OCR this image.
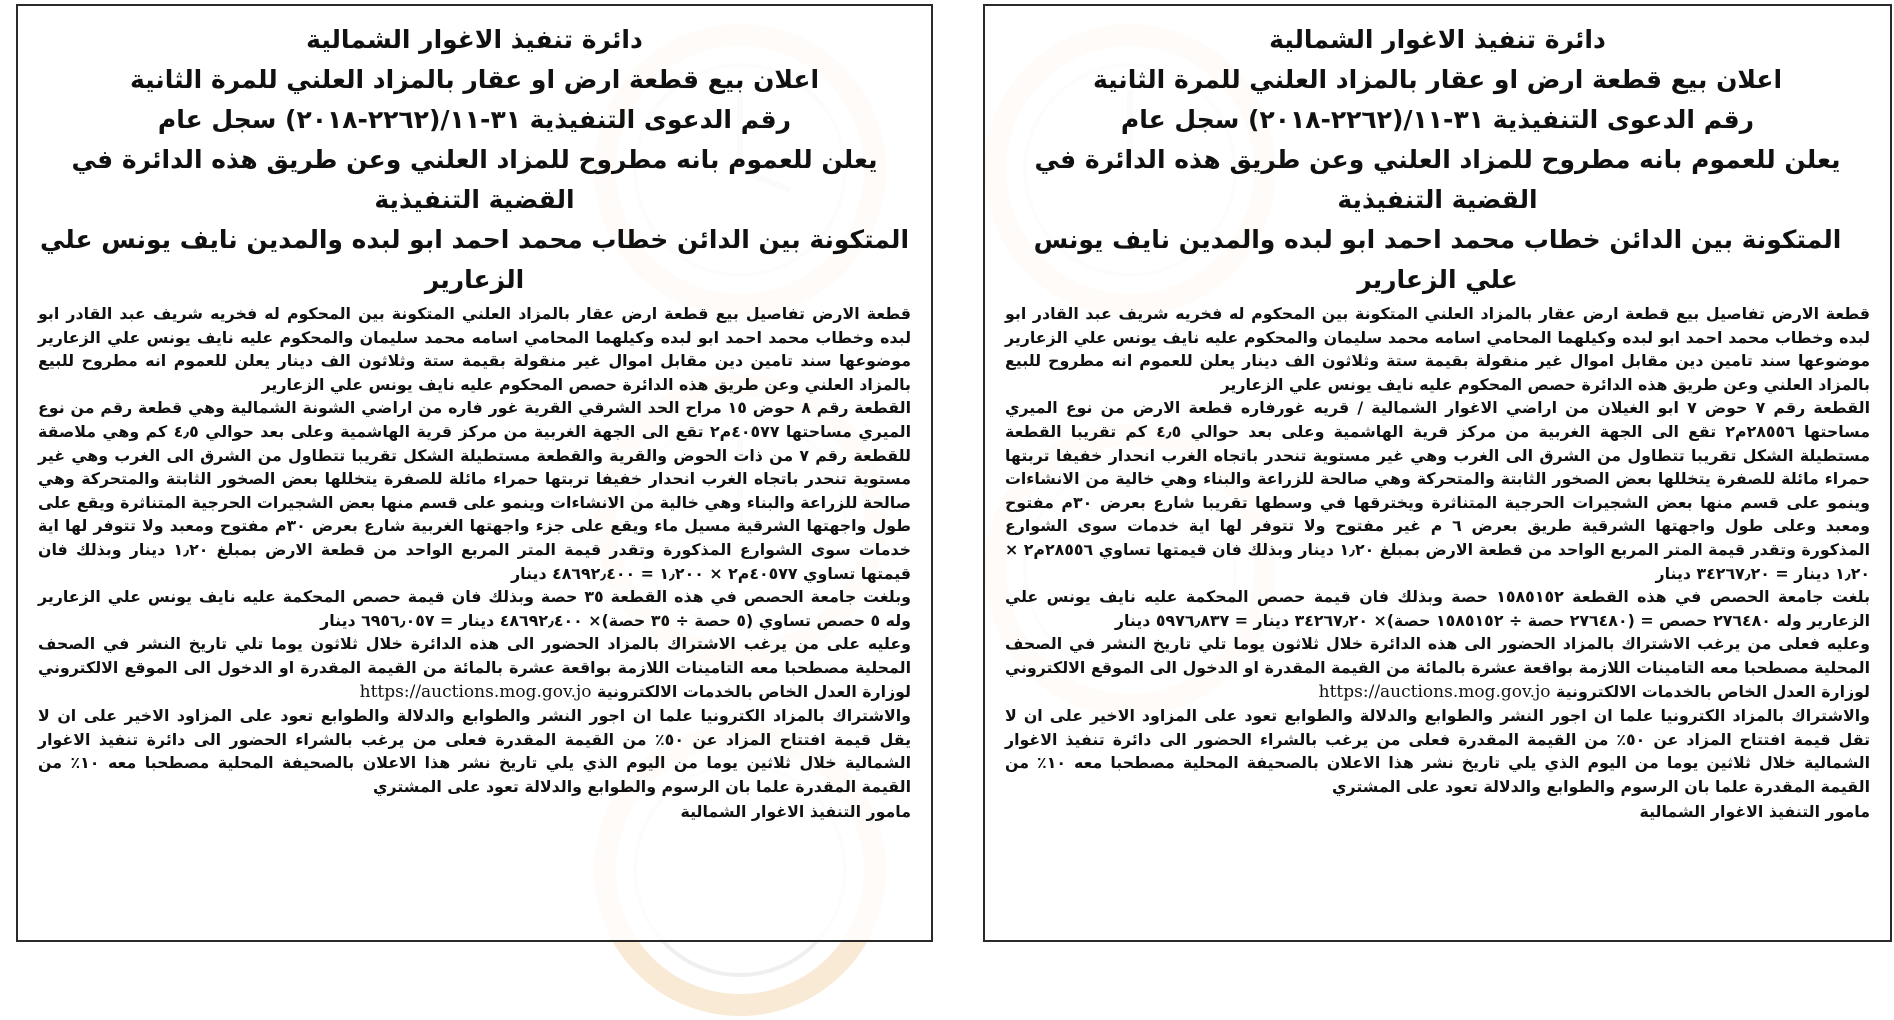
دائرة تنفيذ الاغوار الشمالية
اعلان بيع قطعة ارض او عقار بالمزاد العلني للمرة الثانية
رقم الدعوى التنفيذية ٣١-١١/(٢٢٦٢-٢٠١٨) سجل عام
يعلن للعموم بانه مطروح للمزاد العلني وعن طريق هذه الدائرة في القضية التنفيذية
المتكونة بين الدائن خطاب محمد احمد ابو لبده والمدين نايف يونس علي الزعارير

قطعة الارض تفاصيل بيع قطعة ارض عقار بالمزاد العلني المتكونة بين المحكوم له فخريه شريف عبد القادر ابو لبده وخطاب محمد احمد ابو لبده وكيلهما المحامي اسامه محمد سليمان والمحكوم عليه نايف يونس علي الزعارير موضوعها سند تامين دين مقابل اموال غير منقولة بقيمة ستة وثلاثون الف دينار يعلن للعموم انه مطروح للبيع بالمزاد العلني وعن طريق هذه الدائرة حصص المحكوم عليه نايف يونس علي الزعارير

القطعة رقم ٨ حوض ١٥ مراح الحد الشرقي القرية غور فاره من اراضي الشونة الشمالية وهي قطعة رقم من نوع الميري مساحتها ٤٠٥٧٧م٢ تقع الى الجهة الغربية من مركز قرية الهاشمية وعلى بعد حوالي ٤٫٥ كم وهي ملاصقة للقطعة رقم ٧ من ذات الحوض والقرية والقطعة مستطيلة الشكل تقريبا تتطاول من الشرق الى الغرب وهي غير مستوية تنحدر باتجاه الغرب انحدار خفيفا تربتها حمراء مائلة للصفرة يتخللها بعض الصخور الثابتة والمتحركة وهي صالحة للزراعة والبناء وهي خالية من الانشاءات وينمو على قسم منها بعض الشجيرات الحرجية المتناثرة ويقع على طول واجهتها الشرقية مسيل ماء ويقع على جزء واجهتها الغربية شارع بعرض ٣٠م مفتوح ومعبد ولا تتوفر لها اية خدمات سوى الشوارع المذكورة وتقدر قيمة المتر المربع الواحد من قطعة الارض بمبلغ ١٫٢٠ دينار وبذلك فان قيمتها تساوي ٤٠٥٧٧م٢ × ١٫٢٠٠ = ٤٨٦٩٢٫٤٠٠ دينار

وبلغت جامعة الحصص في هذه القطعة ٣٥ حصة وبذلك فان قيمة حصص المحكمة عليه نايف يونس علي الزعارير وله ٥ حصص تساوي (٥ حصة ÷ ٣٥ حصة)× ٤٨٦٩٢٫٤٠٠ دينار = ٦٩٥٦٫٠٥٧ دينار

وعليه على من يرغب الاشتراك بالمزاد الحضور الى هذه الدائرة خلال ثلاثون يوما تلي تاريخ النشر في الصحف المحلية مصطحبا معه التامينات اللازمة بواقعة عشرة بالمائة من القيمة المقدرة او الدخول الى الموقع الالكتروني لوزارة العدل الخاص بالخدمات الالكترونية https://auctions.mog.gov.jo

والاشتراك بالمزاد الكترونيا علما ان اجور النشر والطوابع والدلالة والطوابع تعود على المزاود الاخير على ان لا يقل قيمة افتتاح المزاد عن ٥٠٪ من القيمة المقدرة فعلى من يرغب بالشراء الحضور الى دائرة تنفيذ الاغوار الشمالية خلال ثلاثين يوما من اليوم الذي يلي تاريخ نشر هذا الاعلان بالصحيفة المحلية مصطحبا معه ١٠٪ من القيمة المقدرة علما بان الرسوم والطوابع والدلالة تعود على المشتري

مامور التنفيذ الاغوار الشمالية
دائرة تنفيذ الاغوار الشمالية
اعلان بيع قطعة ارض او عقار بالمزاد العلني للمرة الثانية
رقم الدعوى التنفيذية ٣١-١١/(٢٢٦٢-٢٠١٨) سجل عام
يعلن للعموم بانه مطروح للمزاد العلني وعن طريق هذه الدائرة في القضية التنفيذية
المتكونة بين الدائن خطاب محمد احمد ابو لبده والمدين نايف يونس علي الزعارير

قطعة الارض تفاصيل بيع قطعة ارض عقار بالمزاد العلني المتكونة بين المحكوم له فخريه شريف عبد القادر ابو لبده وخطاب محمد احمد ابو لبده وكيلهما المحامي اسامه محمد سليمان والمحكوم عليه نايف يونس علي الزعارير موضوعها سند تامين دين مقابل اموال غير منقولة بقيمة ستة وثلاثون الف دينار يعلن للعموم انه مطروح للبيع بالمزاد العلني وعن طريق هذه الدائرة حصص المحكوم عليه نايف يونس علي الزعارير

القطعة رقم ٧ حوض ٧ ابو الغيلان من اراضي الاغوار الشمالية / قريه غورفاره قطعة الارض من نوع الميري مساحتها ٢٨٥٥٦م٢ تقع الى الجهة الغربية من مركز قرية الهاشمية وعلى بعد حوالي ٤٫٥ كم تقريبا القطعة مستطيلة الشكل تقريبا تتطاول من الشرق الى الغرب وهي غير مستوية تنحدر باتجاه الغرب انحدار خفيفا تربتها حمراء مائلة للصفرة يتخللها بعض الصخور الثابتة والمتحركة وهي صالحة للزراعة والبناء وهي خالية من الانشاءات وينمو على قسم منها بعض الشجيرات الحرجية المتناثرة ويخترقها في وسطها تقريبا شارع بعرض ٣٠م مفتوح ومعبد وعلى طول واجهتها الشرقية طريق بعرض ٦ م غير مفتوح ولا تتوفر لها اية خدمات سوى الشوارع المذكورة وتقدر قيمة المتر المربع الواحد من قطعة الارض بمبلغ ١٫٢٠ دينار وبذلك فان قيمتها تساوي ٢٨٥٥٦م٢ × ١٫٢٠ دينار = ٣٤٢٦٧٫٢٠ دينار

بلغت جامعة الحصص في هذه القطعة ١٥٨٥١٥٢ حصة وبذلك فان قيمة حصص المحكمة عليه نايف يونس علي الزعارير وله ٢٧٦٤٨٠ حصص = (٢٧٦٤٨٠ حصة ÷ ١٥٨٥١٥٢ حصة)× ٣٤٢٦٧٫٢٠ دينار = ٥٩٧٦٫٨٣٧ دينار

وعليه فعلى من يرغب الاشتراك بالمزاد الحضور الى هذه الدائرة خلال ثلاثون يوما تلي تاريخ النشر في الصحف المحلية مصطحبا معه التامينات اللازمة بواقعة عشرة بالمائة من القيمة المقدرة او الدخول الى الموقع الالكتروني لوزارة العدل الخاص بالخدمات الالكترونية https://auctions.mog.gov.jo

والاشتراك بالمزاد الكترونيا علما ان اجور النشر والطوابع والدلالة والطوابع تعود على المزاود الاخير على ان لا تقل قيمة افتتاح المزاد عن ٥٠٪ من القيمة المقدرة فعلى من يرغب بالشراء الحضور الى دائرة تنفيذ الاغوار الشمالية خلال ثلاثين يوما من اليوم الذي يلي تاريخ نشر هذا الاعلان بالصحيفة المحلية مصطحبا معه ١٠٪ من القيمة المقدرة علما بان الرسوم والطوابع والدلالة تعود على المشتري

مامور التنفيذ الاغوار الشمالية
